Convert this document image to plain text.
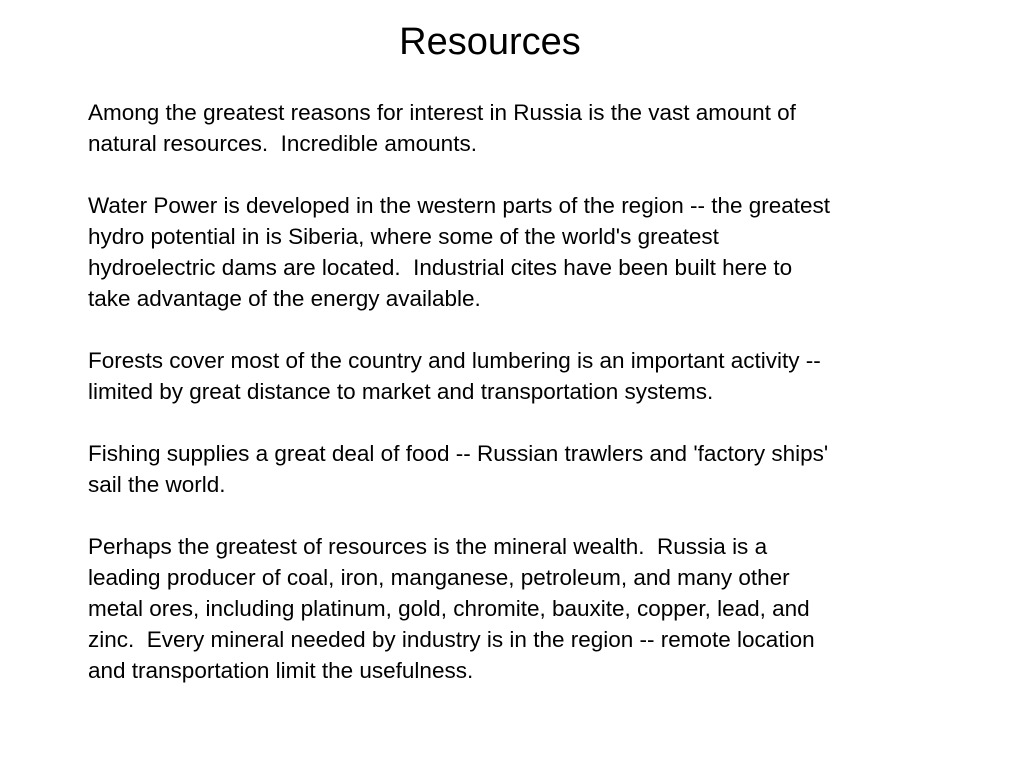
Resources

Among the greatest reasons for interest in Russia is the vast amount of
natural resources.  Incredible amounts.

Water Power is developed in the western parts of the region -- the greatest
hydro potential in is Siberia, where some of the world's greatest
hydroelectric dams are located.  Industrial cites have been built here to
take advantage of the energy available.

Forests cover most of the country and lumbering is an important activity --
limited by great distance to market and transportation systems.

Fishing supplies a great deal of food -- Russian trawlers and 'factory ships'
sail the world.

Perhaps the greatest of resources is the mineral wealth.  Russia is a
leading producer of coal, iron, manganese, petroleum, and many other
metal ores, including platinum, gold, chromite, bauxite, copper, lead, and
zinc.  Every mineral needed by industry is in the region -- remote location
and transportation limit the usefulness.
